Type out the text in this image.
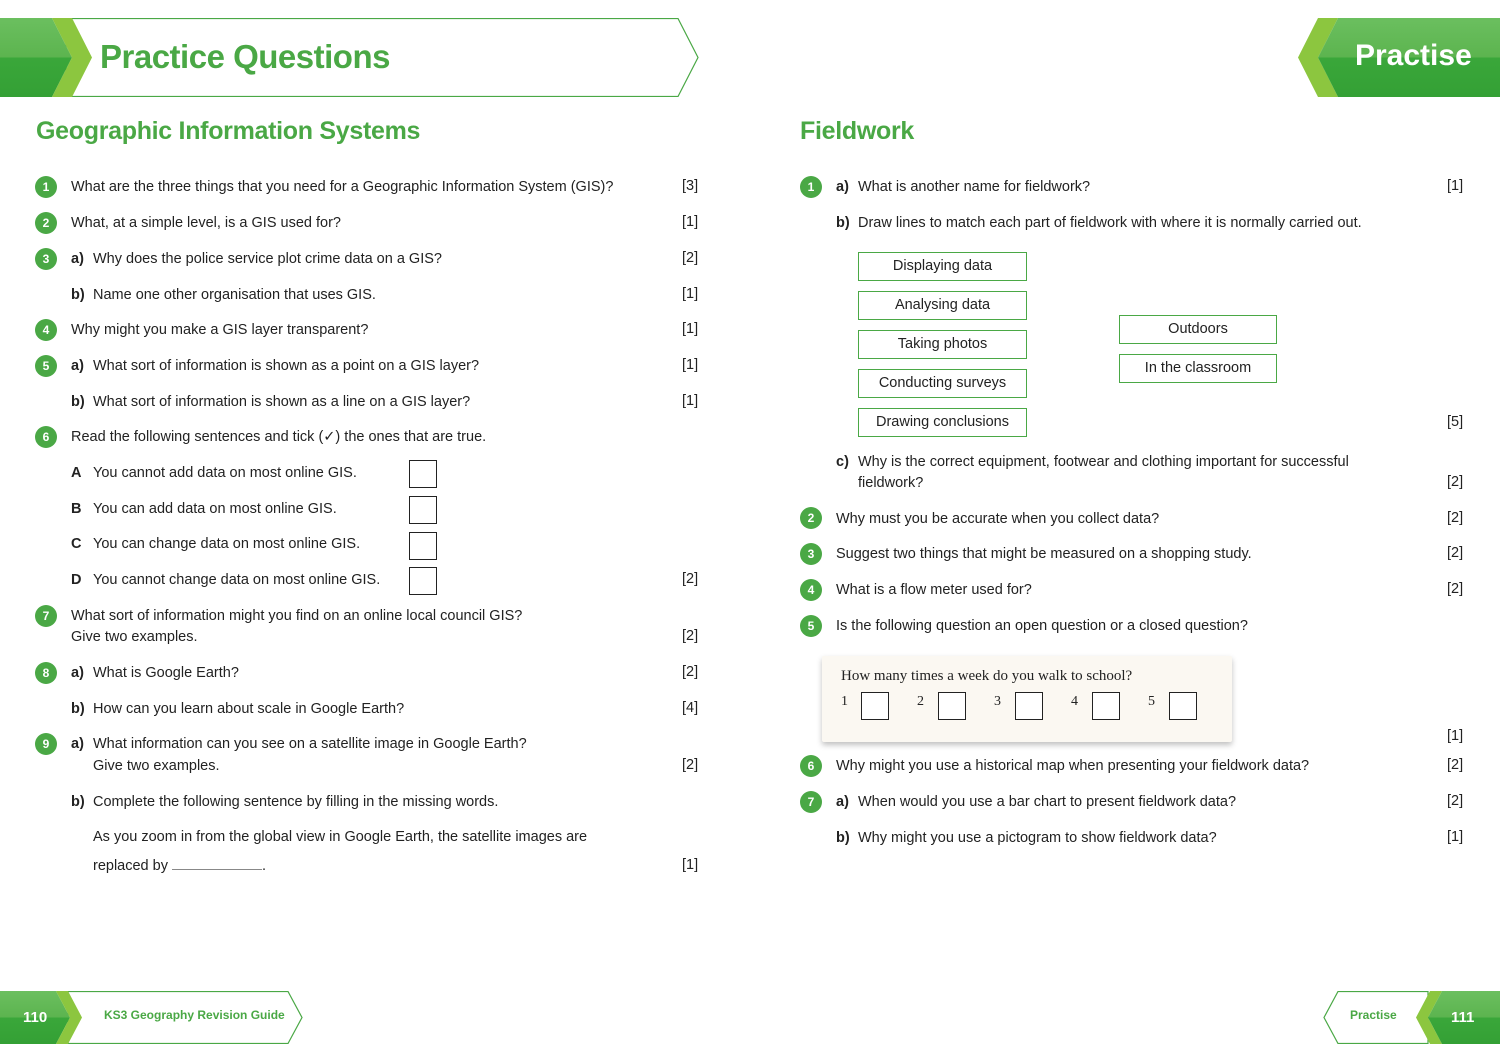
Practice Questions	Practise
Geographic Information Systems	Fieldwork
1	What are the three things that you need for a Geographic Information System (GIS)?	[3]
2	What, at a simple level, is a GIS used for?	[1]
3	a) Why does the police service plot crime data on a GIS?	[2]
b) Name one other organisation that uses GIS.	[1]
4	Why might you make a GIS layer transparent?	[1]
5	a) What sort of information is shown as a point on a GIS layer?	[1]
b) What sort of information is shown as a line on a GIS layer?	[1]
6	Read the following sentences and tick (✓) the ones that are true.
A You cannot add data on most online GIS.
B You can add data on most online GIS.
C You can change data on most online GIS.
D You cannot change data on most online GIS.	[2]
7	What sort of information might you find on an online local council GIS?
Give two examples.	[2]
8	a) What is Google Earth?	[2]
b) How can you learn about scale in Google Earth?	[4]
9	a) What information can you see on a satellite image in Google Earth?
Give two examples.	[2]
b) Complete the following sentence by filling in the missing words.
As you zoom in from the global view in Google Earth, the satellite images are
replaced by	.	[1]
1	a) What is another name for fieldwork?	[1]
b) Draw lines to match each part of fieldwork with where it is normally carried out.
Displaying data
Analysing data
Taking photos
Conducting surveys
Drawing conclusions
Outdoors
In the classroom
[5]
c) Why is the correct equipment, footwear and clothing important for successful
fieldwork?	[2]
2	Why must you be accurate when you collect data?	[2]
3	Suggest two things that might be measured on a shopping study.	[2]
4	What is a flow meter used for?	[2]
5	Is the following question an open question or a closed question?
How many times a week do you walk to school?
1	2	3	4	5
[1]
6	Why might you use a historical map when presenting your fieldwork data?	[2]
7	a) When would you use a bar chart to present fieldwork data?	[2]
b) Why might you use a pictogram to show fieldwork data?	[1]
110	KS3 Geography Revision Guide	Practise	111
